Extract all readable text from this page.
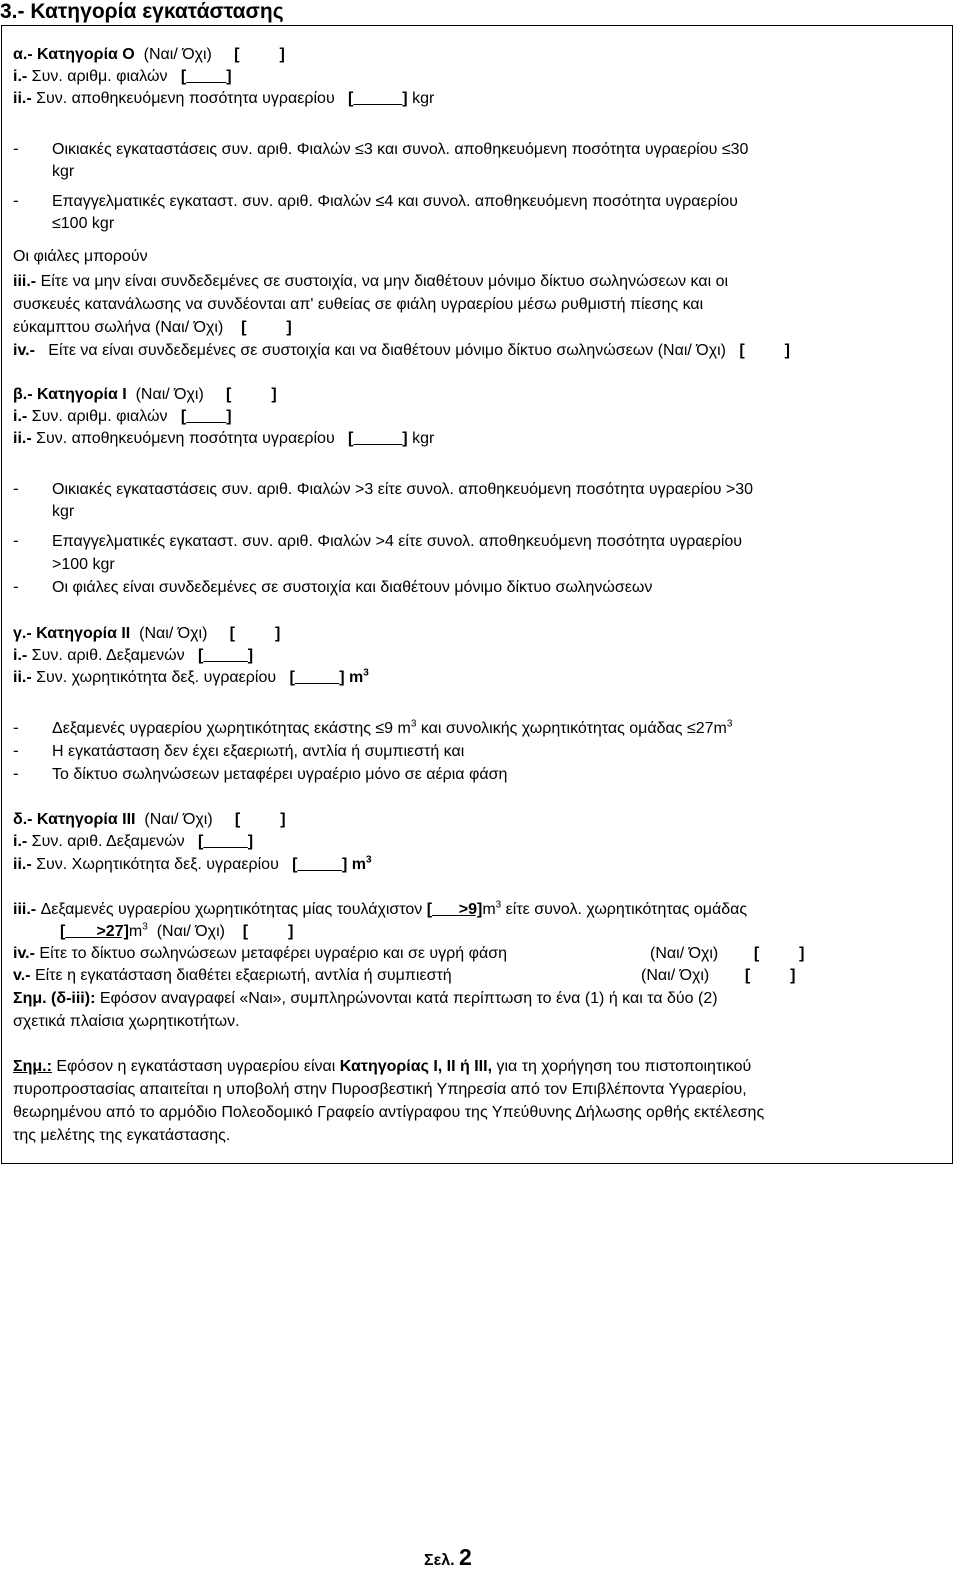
3.- Κατηγορία εγκατάστασης
α.- Κατηγορία Ο (Ναι/ Όχι) [         ]
i.- Συν. αριθμ. φιαλών [	]
ii.- Συν. αποθηκευόμενη ποσότητα υγραερίου [	] kgr
-	Οικιακές εγκαταστάσεις συν. αριθ. Φιαλών ≤3 και συνολ. αποθηκευόμενη ποσότητα υγραερίου ≤30
kgr
-	Επαγγελματικές εγκαταστ. συν. αριθ. Φιαλών ≤4 και συνολ. αποθηκευόμενη ποσότητα υγραερίου
≤100 kgr
Οι φιάλες μπορούν
iii.- Είτε να μην είναι συνδεδεμένες σε συστοιχία, να μην διαθέτουν μόνιμο δίκτυο σωληνώσεων και οι
συσκευές κατανάλωσης να συνδέονται απ' ευθείας σε φιάλη υγραερίου μέσω ρυθμιστή πίεσης και
εύκαμπτου σωλήνα (Ναι/ Όχι) [         ]
iv.- Είτε να είναι συνδεδεμένες σε συστοιχία και να διαθέτουν μόνιμο δίκτυο σωληνώσεων (Ναι/ Όχι) [         ]
β.- Κατηγορία Ι (Ναι/ Όχι) [         ]
i.- Συν. αριθμ. φιαλών [	]
ii.- Συν. αποθηκευόμενη ποσότητα υγραερίου [	] kgr
-	Οικιακές εγκαταστάσεις συν. αριθ. Φιαλών >3 είτε συνολ. αποθηκευόμενη ποσότητα υγραερίου >30
kgr
-	Επαγγελματικές εγκαταστ. συν. αριθ. Φιαλών >4 είτε συνολ. αποθηκευόμενη ποσότητα υγραερίου
>100 kgr
-	Οι φιάλες είναι συνδεδεμένες σε συστοιχία και διαθέτουν μόνιμο δίκτυο σωληνώσεων
γ.- Κατηγορία ΙΙ (Ναι/ Όχι) [         ]
i.- Συν. αριθ. Δεξαμενών [	]
ii.- Συν. χωρητικότητα δεξ. υγραερίου [	] $m^3$
-	Δεξαμενές υγραερίου χωρητικότητας εκάστης ≤9 $m^3$ και συνολικής χωρητικότητας $o\mu ά\delta\alpha\varsigma \le 27m^3$
-	Η εγκατάσταση δεν έχει εξαεριωτή, αντλία ή συμπιεστή και
-	Το δίκτυο σωληνώσεων μεταφέρει υγραέριο μόνο σε αέρια φάση
δ.- Κατηγορία ΙΙΙ (Ναι/ Όχι) [         ]
i.- Συν. αριθ. Δεξαμενών [	]
ii.- Συν. Χωρητικότητα δεξ. υγραερίου [	] $m^3$
iii.- Δεξαμενές υγραερίου χωρητικότητας μίας τουλάχιστον [ $>9]m^3$ είτε συνολ. χωρητικότητας ομάδας
[ $>27]m^3$ (Ναι/ Όχι) [         ]
iv.- Είτε το δίκτυο σωληνώσεων μεταφέρει υγραέριο και σε υγρή φάση	(Ναι/ Όχι) [         ]
v.- Είτε η εγκατάσταση διαθέτει εξαεριωτή, αντλία ή συμπιεστή	(Ναι/ Όχι) [         ]
Σημ. (δ-iii): Εφόσον αναγραφεί «Ναι», συμπληρώνονται κατά περίπτωση το ένα (1) ή και τα δύο (2)
σχετικά πλαίσια χωρητικοτήτων.
Σημ.: Εφόσον η εγκατάσταση υγραερίου είναι Κατηγορίας Ι, ΙΙ ή ΙΙΙ, για τη χορήγηση του πιστοποιητικού
πυροπροστασίας απαιτείται η υποβολή στην Πυροσβεστική Υπηρεσία από τον Επιβλέποντα Υγραερίου,
θεωρημένου από το αρμόδιο Πολεοδομικό Γραφείο αντίγραφου της Υπεύθυνης Δήλωσης ορθής εκτέλεσης
της μελέτης της εγκατάστασης.
Σελ. 2
